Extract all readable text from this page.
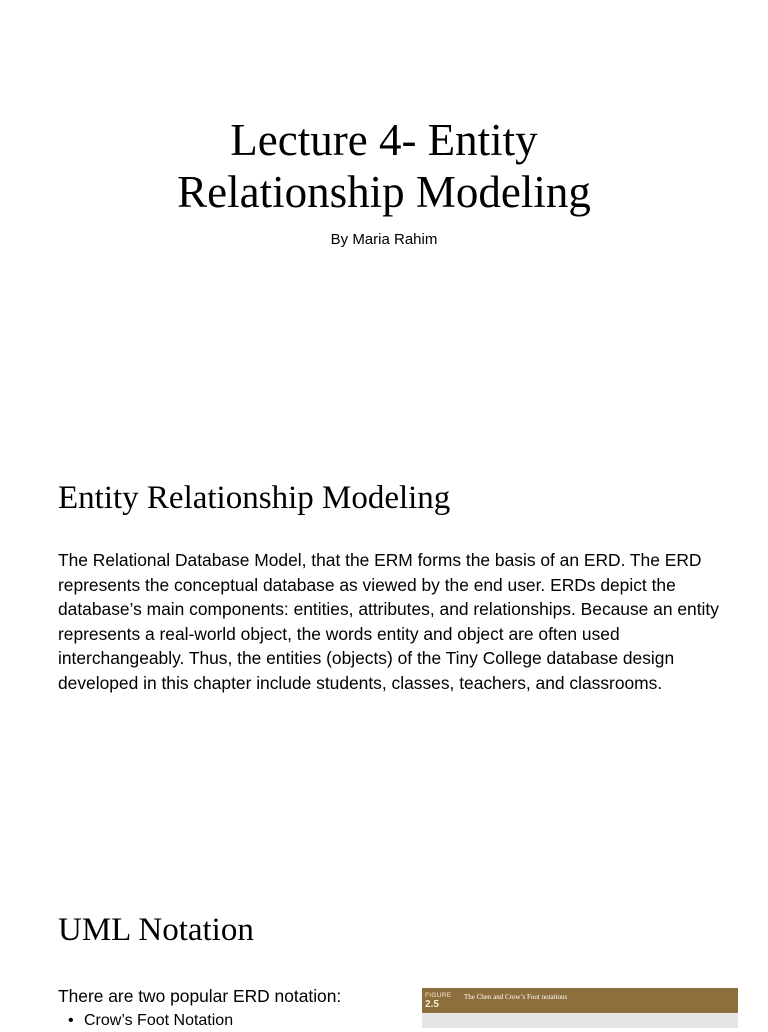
Lecture 4- Entity
Relationship Modeling
By Maria Rahim
Entity Relationship Modeling

The Relational Database Model, that the ERM forms the basis of an ERD. The ERD represents the conceptual database as viewed by the end user. ERDs depict the database’s main components: entities, attributes, and relationships. Because an entity represents a real-world object, the words entity and object are often used interchangeably. Thus, the entities (objects) of the Tiny College database design developed in this chapter include students, classes, teachers, and classrooms.

UML Notation

There are two popular ERD notation:

• Crow’s Foot Notation
FIGURE
2.5
The Chen and Crow’s Foot notations
